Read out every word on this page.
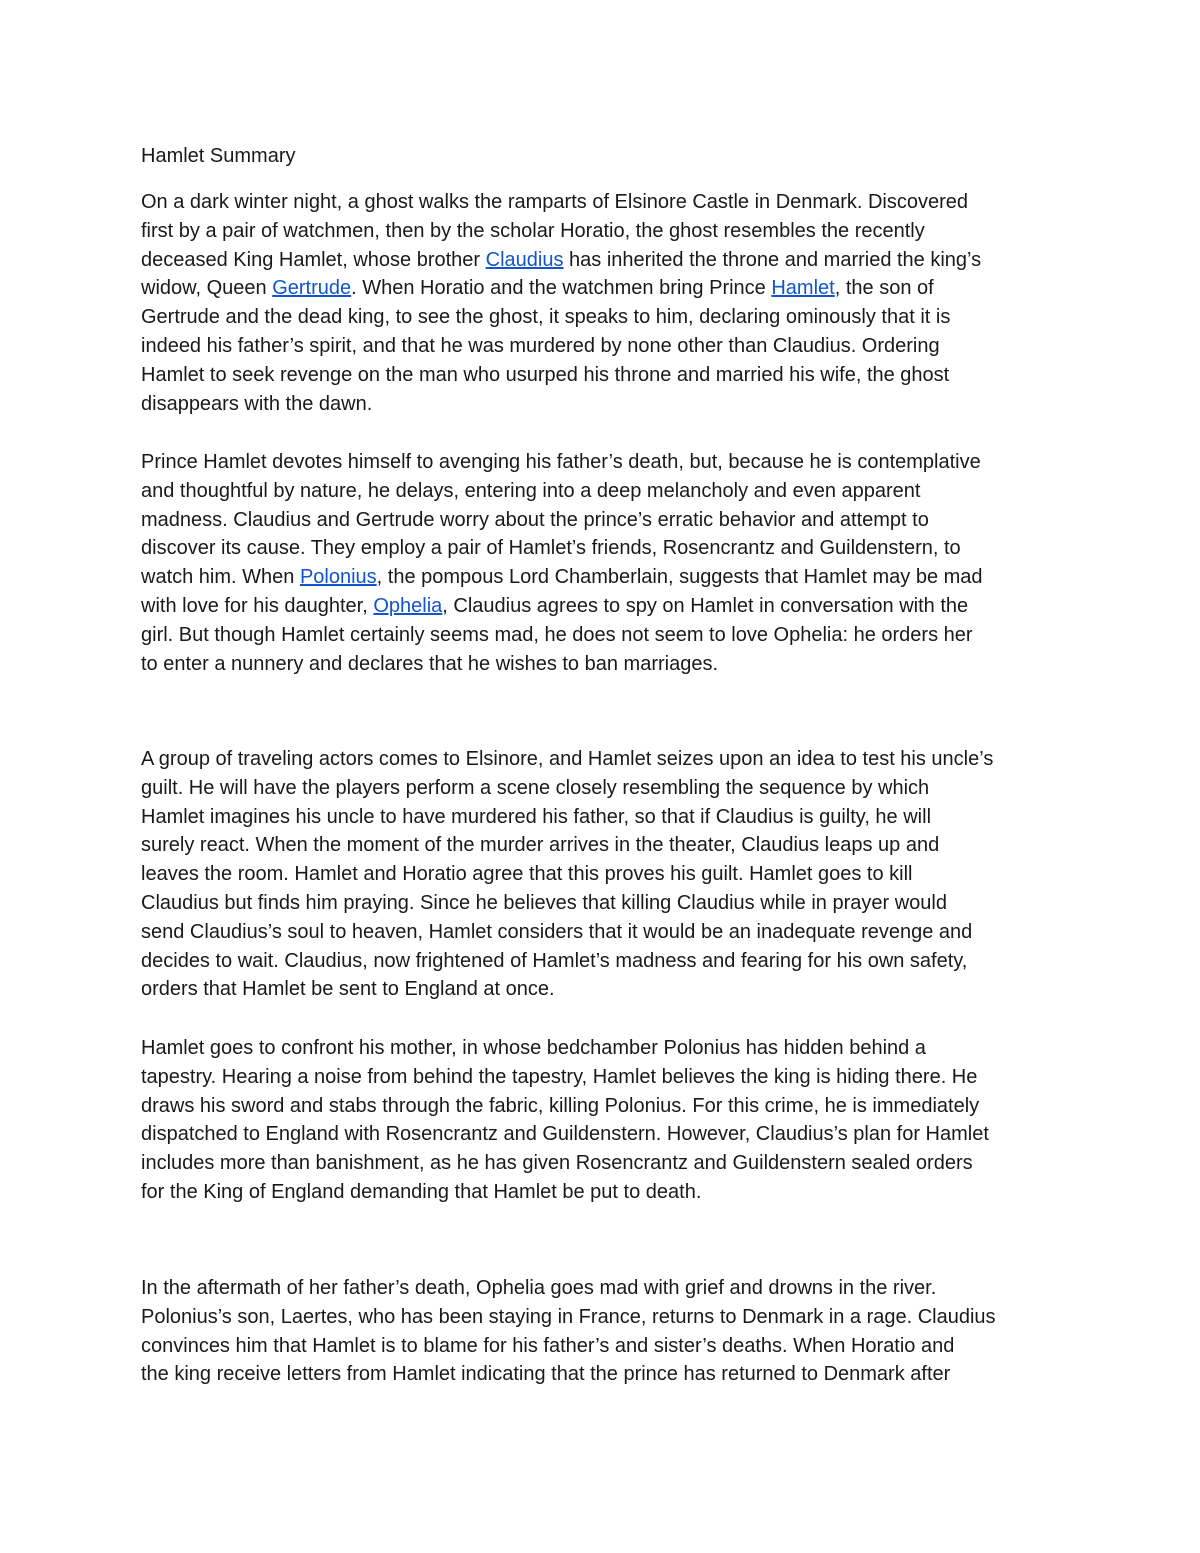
Hamlet Summary

On a dark winter night, a ghost walks the ramparts of Elsinore Castle in Denmark. Discovered
first by a pair of watchmen, then by the scholar Horatio, the ghost resembles the recently
deceased King Hamlet, whose brother Claudius has inherited the throne and married the king’s
widow, Queen Gertrude. When Horatio and the watchmen bring Prince Hamlet, the son of
Gertrude and the dead king, to see the ghost, it speaks to him, declaring ominously that it is
indeed his father’s spirit, and that he was murdered by none other than Claudius. Ordering
Hamlet to seek revenge on the man who usurped his throne and married his wife, the ghost
disappears with the dawn.

Prince Hamlet devotes himself to avenging his father’s death, but, because he is contemplative
and thoughtful by nature, he delays, entering into a deep melancholy and even apparent
madness. Claudius and Gertrude worry about the prince’s erratic behavior and attempt to
discover its cause. They employ a pair of Hamlet’s friends, Rosencrantz and Guildenstern, to
watch him. When Polonius, the pompous Lord Chamberlain, suggests that Hamlet may be mad
with love for his daughter, Ophelia, Claudius agrees to spy on Hamlet in conversation with the
girl. But though Hamlet certainly seems mad, he does not seem to love Ophelia: he orders her
to enter a nunnery and declares that he wishes to ban marriages.

A group of traveling actors comes to Elsinore, and Hamlet seizes upon an idea to test his uncle’s
guilt. He will have the players perform a scene closely resembling the sequence by which
Hamlet imagines his uncle to have murdered his father, so that if Claudius is guilty, he will
surely react. When the moment of the murder arrives in the theater, Claudius leaps up and
leaves the room. Hamlet and Horatio agree that this proves his guilt. Hamlet goes to kill
Claudius but finds him praying. Since he believes that killing Claudius while in prayer would
send Claudius’s soul to heaven, Hamlet considers that it would be an inadequate revenge and
decides to wait. Claudius, now frightened of Hamlet’s madness and fearing for his own safety,
orders that Hamlet be sent to England at once.

Hamlet goes to confront his mother, in whose bedchamber Polonius has hidden behind a
tapestry. Hearing a noise from behind the tapestry, Hamlet believes the king is hiding there. He
draws his sword and stabs through the fabric, killing Polonius. For this crime, he is immediately
dispatched to England with Rosencrantz and Guildenstern. However, Claudius’s plan for Hamlet
includes more than banishment, as he has given Rosencrantz and Guildenstern sealed orders
for the King of England demanding that Hamlet be put to death.

In the aftermath of her father’s death, Ophelia goes mad with grief and drowns in the river.
Polonius’s son, Laertes, who has been staying in France, returns to Denmark in a rage. Claudius
convinces him that Hamlet is to blame for his father’s and sister’s deaths. When Horatio and
the king receive letters from Hamlet indicating that the prince has returned to Denmark after
